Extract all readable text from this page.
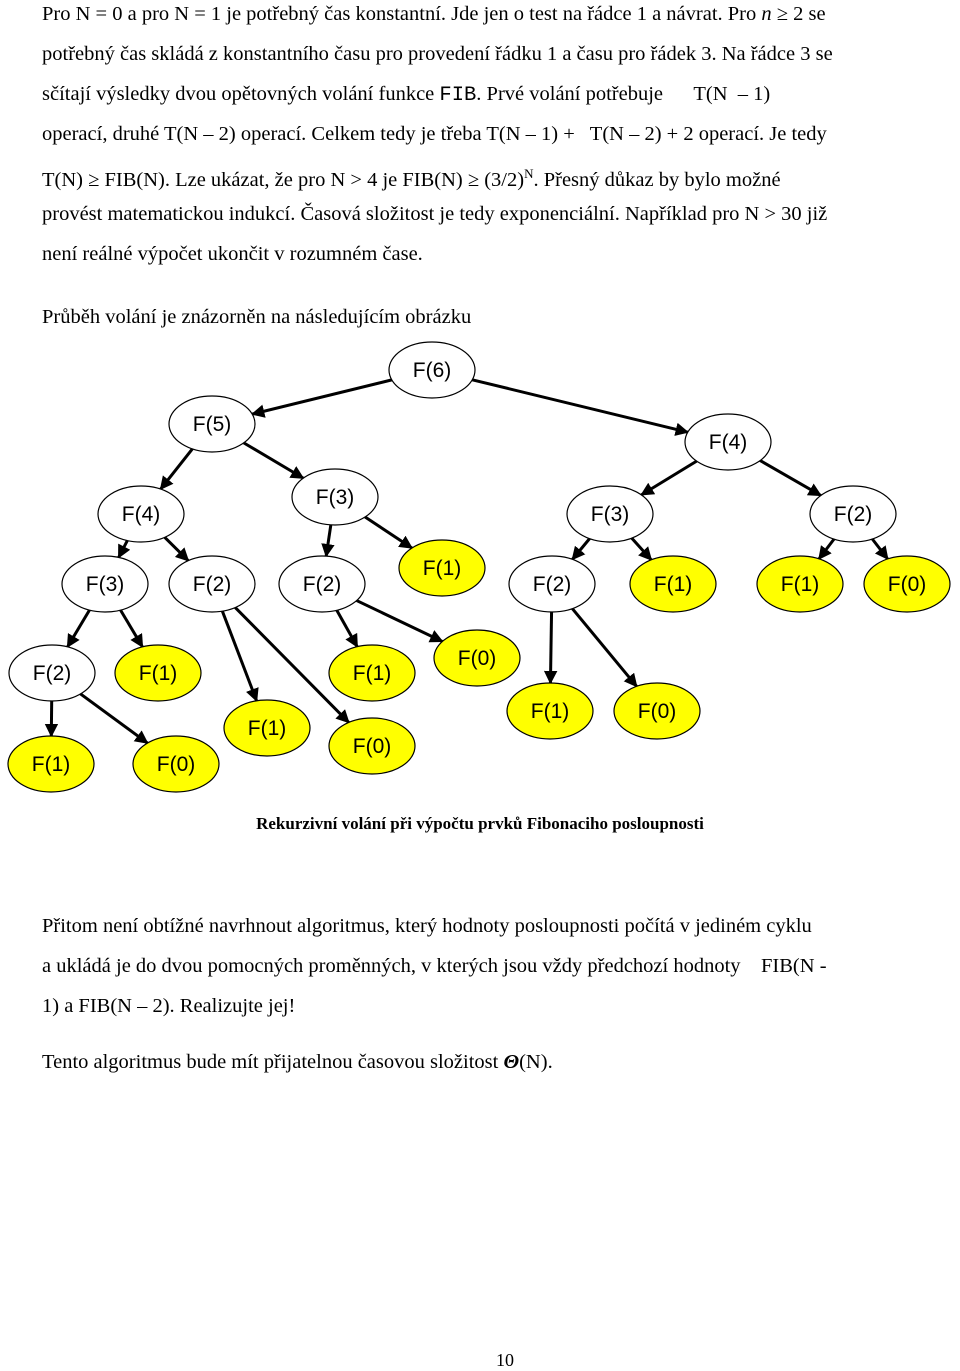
Pro N = 0 a pro N = 1 je potřebný čas konstantní. Jde jen o test na řádce 1 a návrat. Pro n ≥ 2 se
potřebný čas skládá z konstantního času pro provedení řádku 1 a času pro řádek 3. Na řádce 3 se
sčítají výsledky dvou opětovných volání funkce FIB. Prvé volání potřebuje      T(N  – 1)
operací, druhé T(N – 2) operací. Celkem tedy je třeba T(N – 1) +   T(N – 2) + 2 operací. Je tedy
T(N) ≥ FIB(N). Lze ukázat, že pro N > 4 je $FIB(N) \ge (3/2)^N$. Přesný důkaz by bylo možné
provést matematickou indukcí. Časová složitost je tedy exponenciální. Například pro N > 30 již
není reálné výpočet ukončit v rozumném čase.
Průběh volání je znázorněn na následujícím obrázku
F(6)
F(5)
F(4)
F(4)
F(3)
F(3)	F(2)
F(3)	F(2)	F(2)
F(1)
F(2)	F(1)	F(1)	F(0)
F(2)	F(1)	F(1)
F(0)
F(1)
F(0)
F(1)	F(0)
F(1)	F(0)
Rekurzivní volání při výpočtu prvků Fibonaciho posloupnosti
Přitom není obtížné navrhnout algoritmus, který hodnoty posloupnosti počítá v jediném cyklu
a ukládá je do dvou pomocných proměnných, v kterých jsou vždy předchozí hodnoty    FIB(N -
1) a FIB(N – 2). Realizujte jej!
Tento algoritmus bude mít přijatelnou časovou složitost Θ(N).
10
